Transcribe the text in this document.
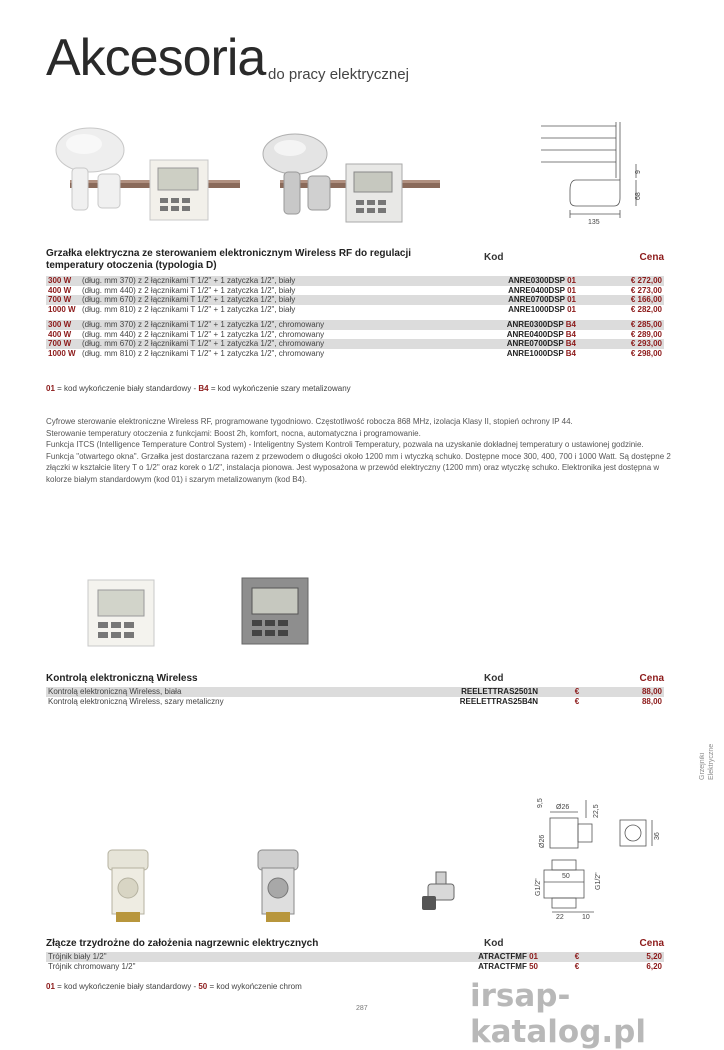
Akcesoria do pracy elektrycznej
9
68
135
Grzałka elektryczna ze sterowaniem elektronicznym Wireless RF do regulacji temperatury otoczenia (typologia D)
Kod	Cena
300 W	(dług. mm 370) z 2 łącznikami T 1/2" + 1 zatyczka 1/2", biały	ANRE0300DSP 01	€ 272,00
400 W	(dług. mm 440) z 2 łącznikami T 1/2" + 1 zatyczka 1/2", biały	ANRE0400DSP 01	€ 273,00
700 W	(dług. mm 670) z 2 łącznikami T 1/2" + 1 zatyczka 1/2", biały	ANRE0700DSP 01	€ 166,00
1000 W	(dług. mm 810) z 2 łącznikami T 1/2" + 1 zatyczka 1/2", biały	ANRE1000DSP 01	€ 282,00

300 W	(dług. mm 370) z 2 łącznikami T 1/2" + 1 zatyczka 1/2", chromowany	ANRE0300DSP B4	€ 285,00
400 W	(dług. mm 440) z 2 łącznikami T 1/2" + 1 zatyczka 1/2", chromowany	ANRE0400DSP B4	€ 289,00
700 W	(dług. mm 670) z 2 łącznikami T 1/2" + 1 zatyczka 1/2", chromowany	ANRE0700DSP B4	€ 293,00
1000 W	(dług. mm 810) z 2 łącznikami T 1/2" + 1 zatyczka 1/2", chromowany	ANRE1000DSP B4	€ 298,00
01 = kod wykończenie biały standardowy - B4 = kod wykończenie szary metalizowany
Cyfrowe sterowanie elektroniczne Wireless RF, programowane tygodniowo. Częstotliwość robocza 868 MHz, izolacja Klasy II, stopień ochrony IP 44.
Sterowanie temperatury otoczenia z funkcjami: Boost 2h, komfort, nocna, automatyczna i programowanie.
Funkcja ITCS (Intelligence Temperature Control System) - Inteligentny System Kontroli Temperatury, pozwala na uzyskanie dokładnej temperatury o ustawionej godzinie. Funkcja "otwartego okna". Grzałka jest dostarczana razem z przewodem o długości około 1200 mm i wtyczką schuko. Dostępne moce 300, 400, 700 i 1000 Watt. Są dostępne 2 złączki w kształcie litery T o 1/2" oraz korek o 1/2", instalacja pionowa. Jest wyposażona w przewód elektryczny (1200 mm) oraz wtyczkę schuko. Elektronika jest dostępna w kolorze białym standardowym (kod 01) i szarym metalizowanym (kod B4).
Kontrolą elektroniczną Wireless	Kod	Cena
Kontrolą elektroniczną Wireless, biała	REELETTRAS2501N	€	88,00
Kontrolą elektroniczną Wireless, szary metaliczny	REELETTRAS25B4N	€	88,00
Grzejniki Elektryczne
9,5 Ø26	22,5
Ø26	36
G1/2"	G1/2"
50
22	10
Złącze trzydrożne do założenia nagrzewnic elektrycznych	Kod	Cena
Trójnik biały 1/2"	ATRACTFMF 01	€	5,20
Trójnik chromowany 1/2"	ATRACTFMF 50	€	6,20
01 = kod wykończenie biały standardowy - 50 = kod wykończenie chrom
287	irsap-katalog.pl
